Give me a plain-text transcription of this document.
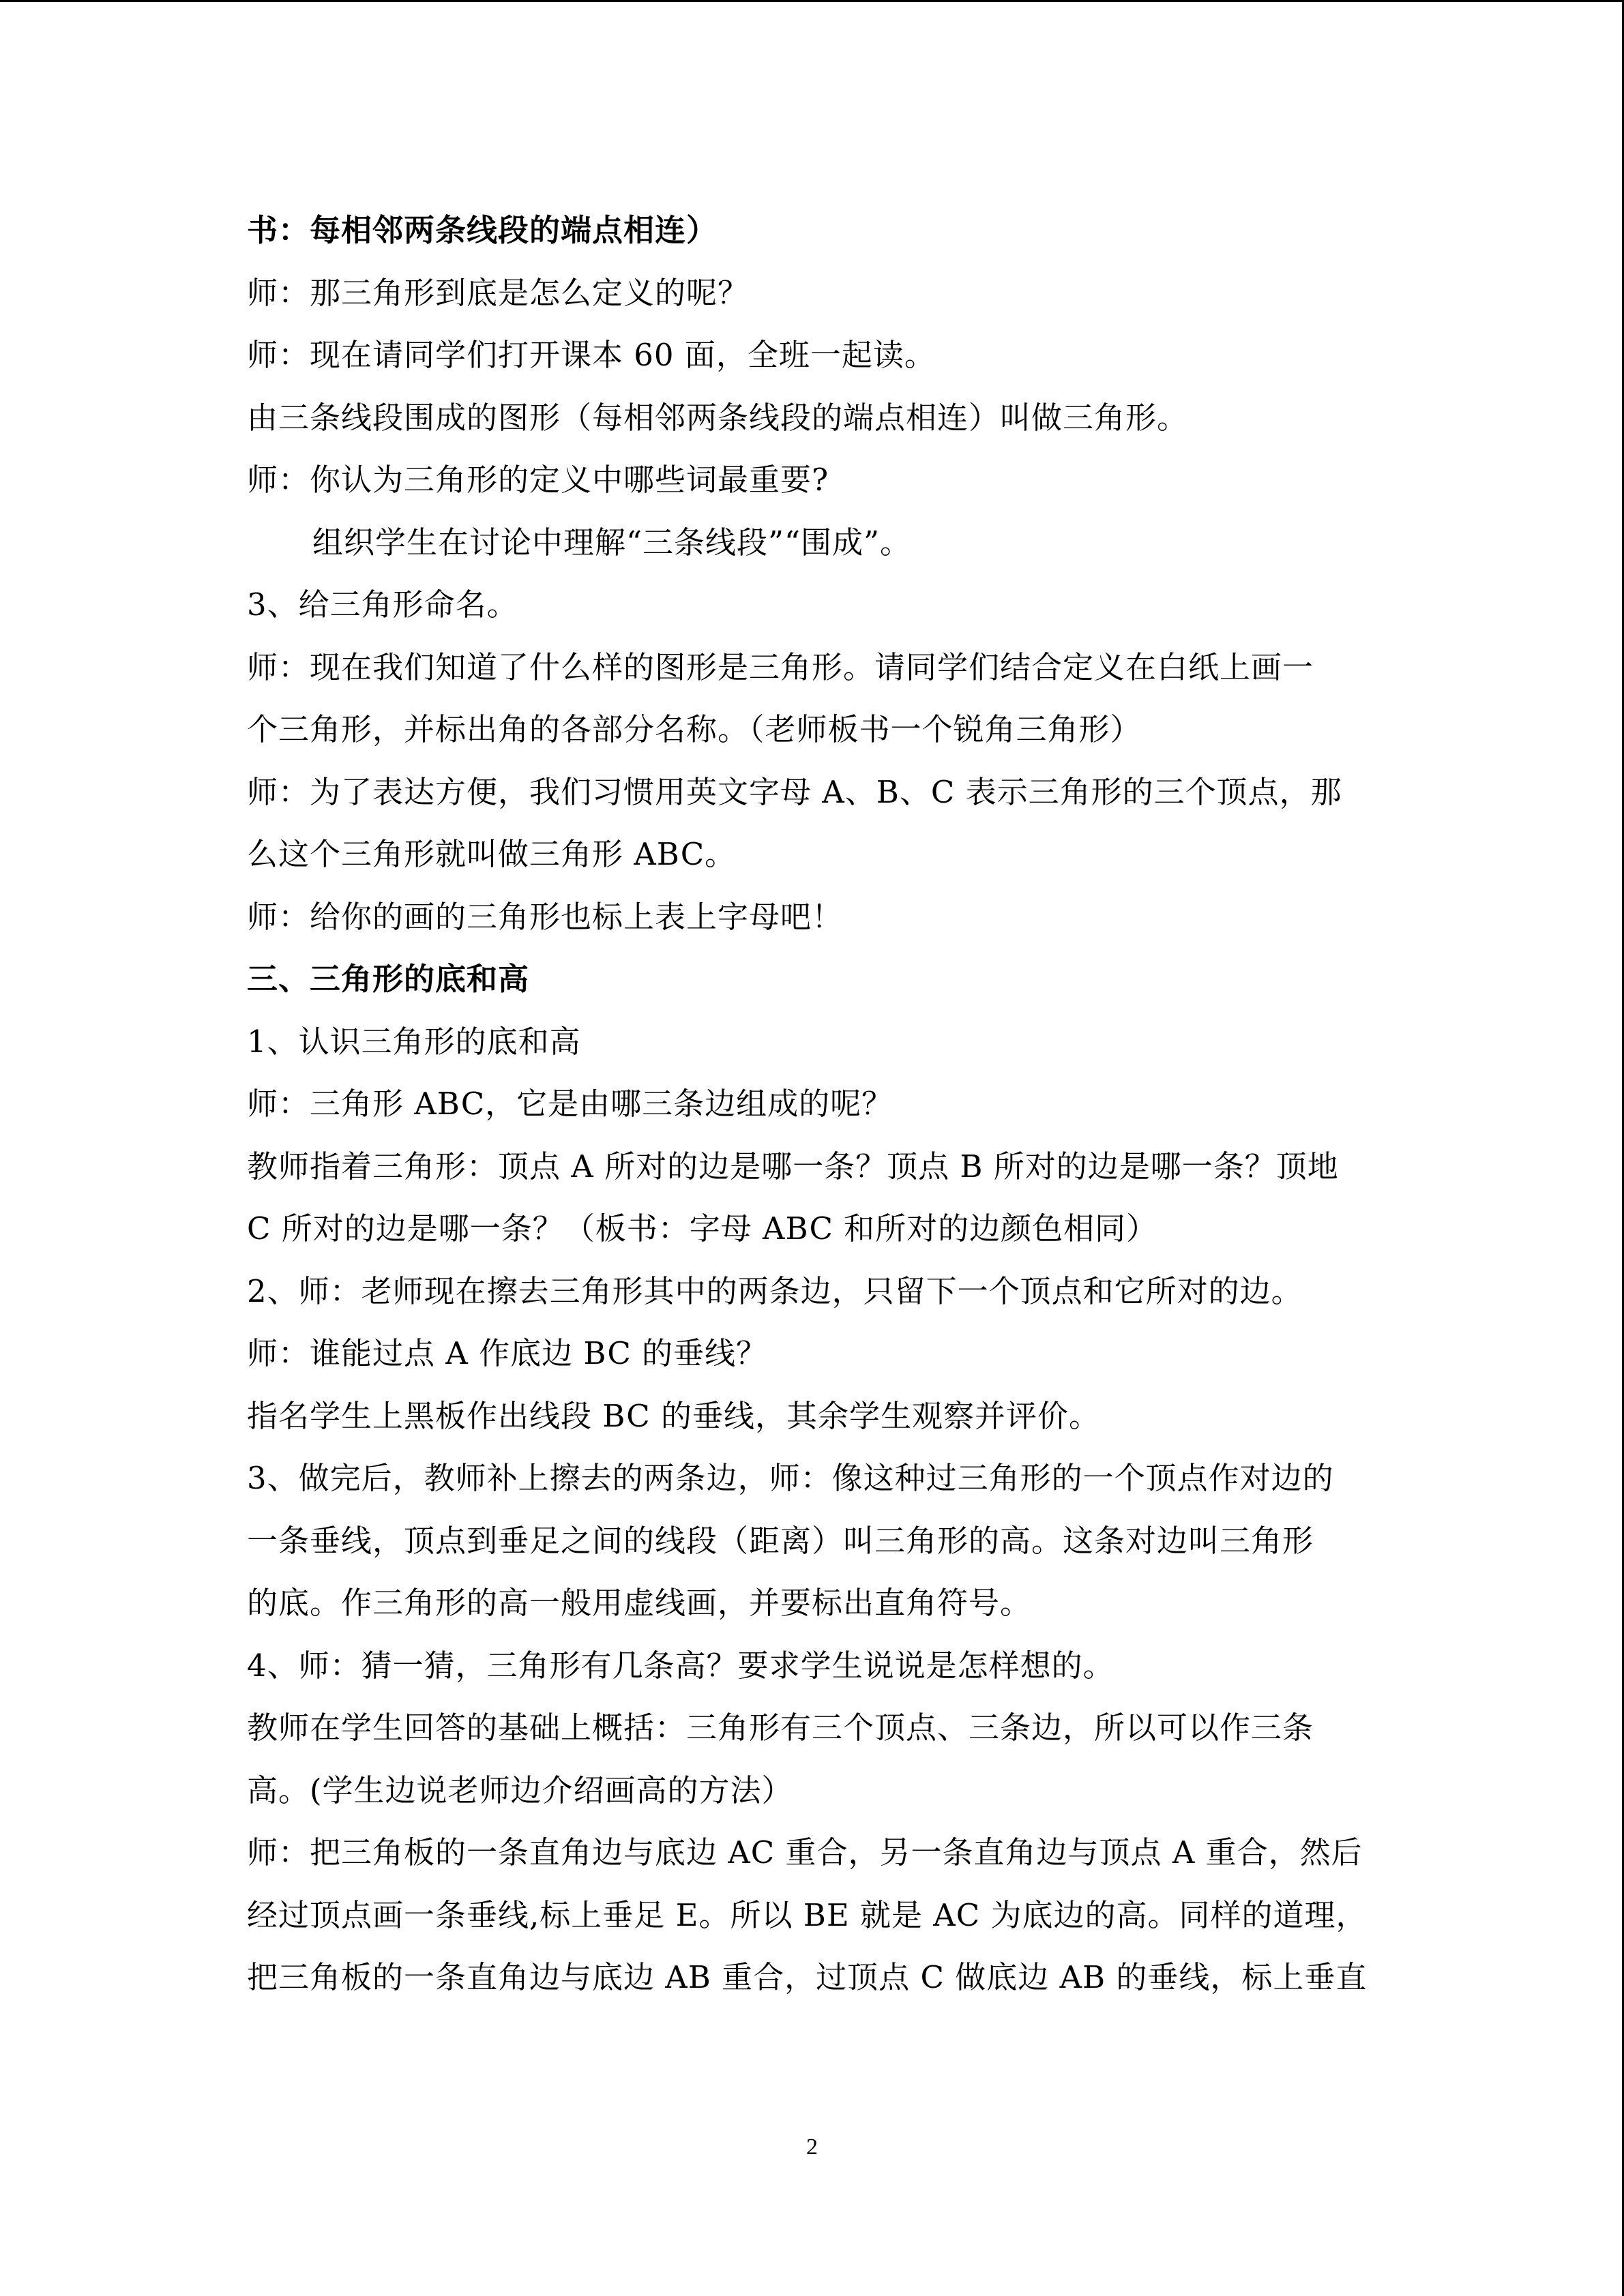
书：每相邻两条线段的端点相连）
师：那三角形到底是怎么定义的呢？
师：现在请同学们打开课本 60 面，全班一起读。
由三条线段围成的图形（每相邻两条线段的端点相连）叫做三角形。
师：你认为三角形的定义中哪些词最重要?
组织学生在讨论中理解“三条线段”“围成”。
3、给三角形命名。
师：现在我们知道了什么样的图形是三角形。请同学们结合定义在白纸上画一
个三角形，并标出角的各部分名称。（老师板书一个锐角三角形）
师：为了表达方便，我们习惯用英文字母 A、B、C 表示三角形的三个顶点，那
么这个三角形就叫做三角形 ABC。
师：给你的画的三角形也标上表上字母吧！
三、三角形的底和高
1、认识三角形的底和高
师：三角形 ABC，它是由哪三条边组成的呢？
教师指着三角形：顶点 A 所对的边是哪一条？顶点 B 所对的边是哪一条？顶地
C 所对的边是哪一条？（板书：字母 ABC 和所对的边颜色相同）
2、师：老师现在擦去三角形其中的两条边，只留下一个顶点和它所对的边。
师：谁能过点 A 作底边 BC 的垂线？
指名学生上黑板作出线段 BC 的垂线，其余学生观察并评价。
3、做完后，教师补上擦去的两条边，师：像这种过三角形的一个顶点作对边的
一条垂线，顶点到垂足之间的线段（距离）叫三角形的高。这条对边叫三角形
的底。作三角形的高一般用虚线画，并要标出直角符号。
4、师：猜一猜，三角形有几条高？要求学生说说是怎样想的。
教师在学生回答的基础上概括：三角形有三个顶点、三条边，所以可以作三条
高。(学生边说老师边介绍画高的方法）
师：把三角板的一条直角边与底边 AC 重合，另一条直角边与顶点 A 重合，然后
经过顶点画一条垂线,标上垂足 E。所以 BE 就是 AC 为底边的高。同样的道理，
把三角板的一条直角边与底边 AB 重合，过顶点 C 做底边 AB 的垂线，标上垂直
2
